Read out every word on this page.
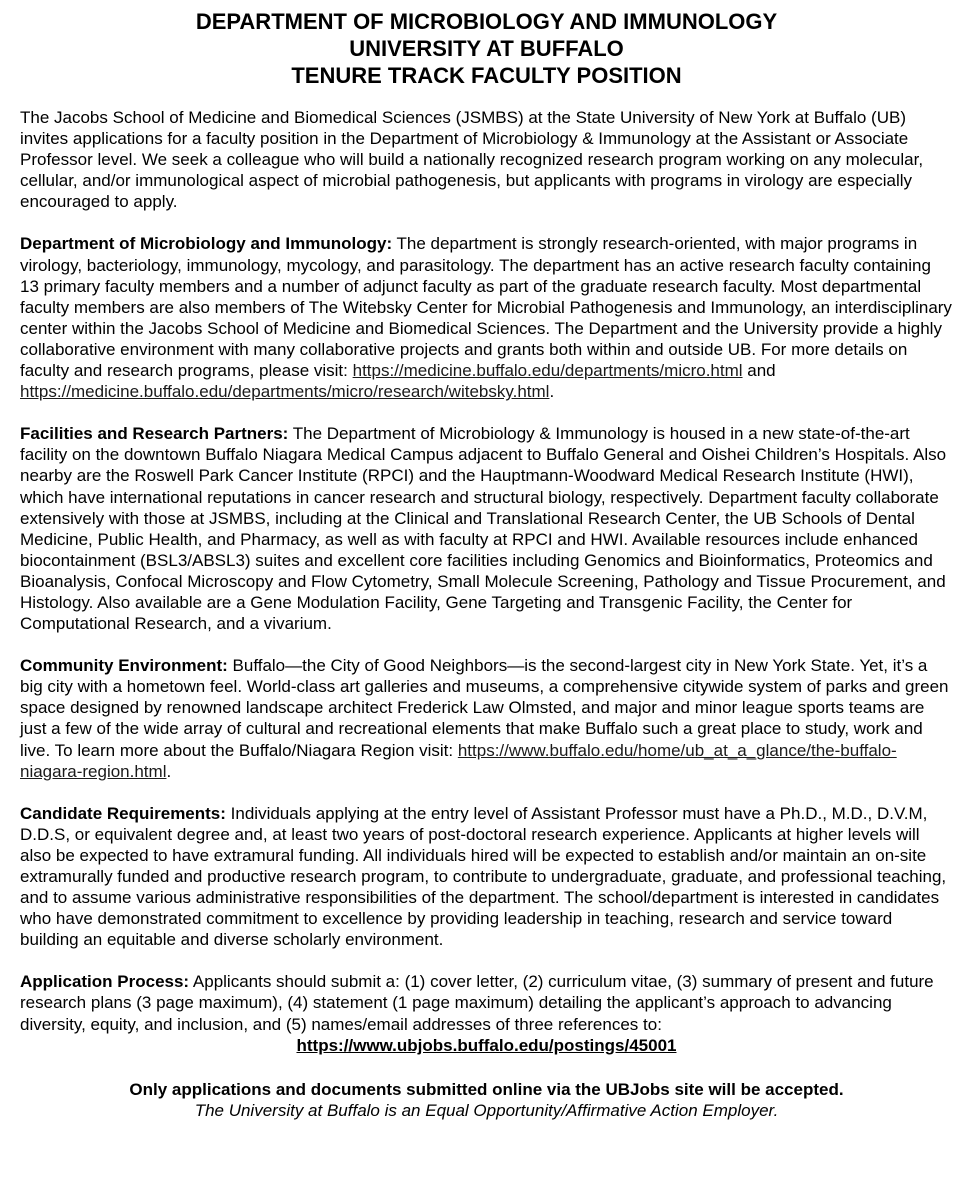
DEPARTMENT OF MICROBIOLOGY AND IMMUNOLOGY
UNIVERSITY AT BUFFALO
TENURE TRACK FACULTY POSITION

The Jacobs School of Medicine and Biomedical Sciences (JSMBS) at the State University of New York at Buffalo (UB) invites applications for a faculty position in the Department of Microbiology & Immunology at the Assistant or Associate Professor level. We seek a colleague who will build a nationally recognized research program working on any molecular, cellular, and/or immunological aspect of microbial pathogenesis, but applicants with programs in virology are especially encouraged to apply.

Department of Microbiology and Immunology: The department is strongly research-oriented, with major programs in virology, bacteriology, immunology, mycology, and parasitology. The department has an active research faculty containing 13 primary faculty members and a number of adjunct faculty as part of the graduate research faculty. Most departmental faculty members are also members of The Witebsky Center for Microbial Pathogenesis and Immunology, an interdisciplinary center within the Jacobs School of Medicine and Biomedical Sciences. The Department and the University provide a highly collaborative environment with many collaborative projects and grants both within and outside UB. For more details on faculty and research programs, please visit: https://medicine.buffalo.edu/departments/micro.html and https://medicine.buffalo.edu/departments/micro/research/witebsky.html.

Facilities and Research Partners: The Department of Microbiology & Immunology is housed in a new state-of-the-art facility on the downtown Buffalo Niagara Medical Campus adjacent to Buffalo General and Oishei Children’s Hospitals. Also nearby are the Roswell Park Cancer Institute (RPCI) and the Hauptmann-Woodward Medical Research Institute (HWI), which have international reputations in cancer research and structural biology, respectively. Department faculty collaborate extensively with those at JSMBS, including at the Clinical and Translational Research Center, the UB Schools of Dental Medicine, Public Health, and Pharmacy, as well as with faculty at RPCI and HWI. Available resources include enhanced biocontainment (BSL3/ABSL3) suites and excellent core facilities including Genomics and Bioinformatics, Proteomics and Bioanalysis, Confocal Microscopy and Flow Cytometry, Small Molecule Screening, Pathology and Tissue Procurement, and Histology. Also available are a Gene Modulation Facility, Gene Targeting and Transgenic Facility, the Center for Computational Research, and a vivarium.

Community Environment: Buffalo—the City of Good Neighbors—is the second-largest city in New York State. Yet, it’s a big city with a hometown feel. World-class art galleries and museums, a comprehensive citywide system of parks and green space designed by renowned landscape architect Frederick Law Olmsted, and major and minor league sports teams are just a few of the wide array of cultural and recreational elements that make Buffalo such a great place to study, work and live. To learn more about the Buffalo/Niagara Region visit: https://www.buffalo.edu/home/ub_at_a_glance/the-buffalo-niagara-region.html.

Candidate Requirements: Individuals applying at the entry level of Assistant Professor must have a Ph.D., M.D., D.V.M, D.D.S, or equivalent degree and, at least two years of post-doctoral research experience. Applicants at higher levels will also be expected to have extramural funding. All individuals hired will be expected to establish and/or maintain an on-site extramurally funded and productive research program, to contribute to undergraduate, graduate, and professional teaching, and to assume various administrative responsibilities of the department. The school/department is interested in candidates who have demonstrated commitment to excellence by providing leadership in teaching, research and service toward building an equitable and diverse scholarly environment.

Application Process: Applicants should submit a: (1) cover letter, (2) curriculum vitae, (3) summary of present and future research plans (3 page maximum), (4) statement (1 page maximum) detailing the applicant’s approach to advancing diversity, equity, and inclusion, and (5) names/email addresses of three references to:

https://www.ubjobs.buffalo.edu/postings/45001
Only applications and documents submitted online via the UBJobs site will be accepted.
The University at Buffalo is an Equal Opportunity/Affirmative Action Employer.
